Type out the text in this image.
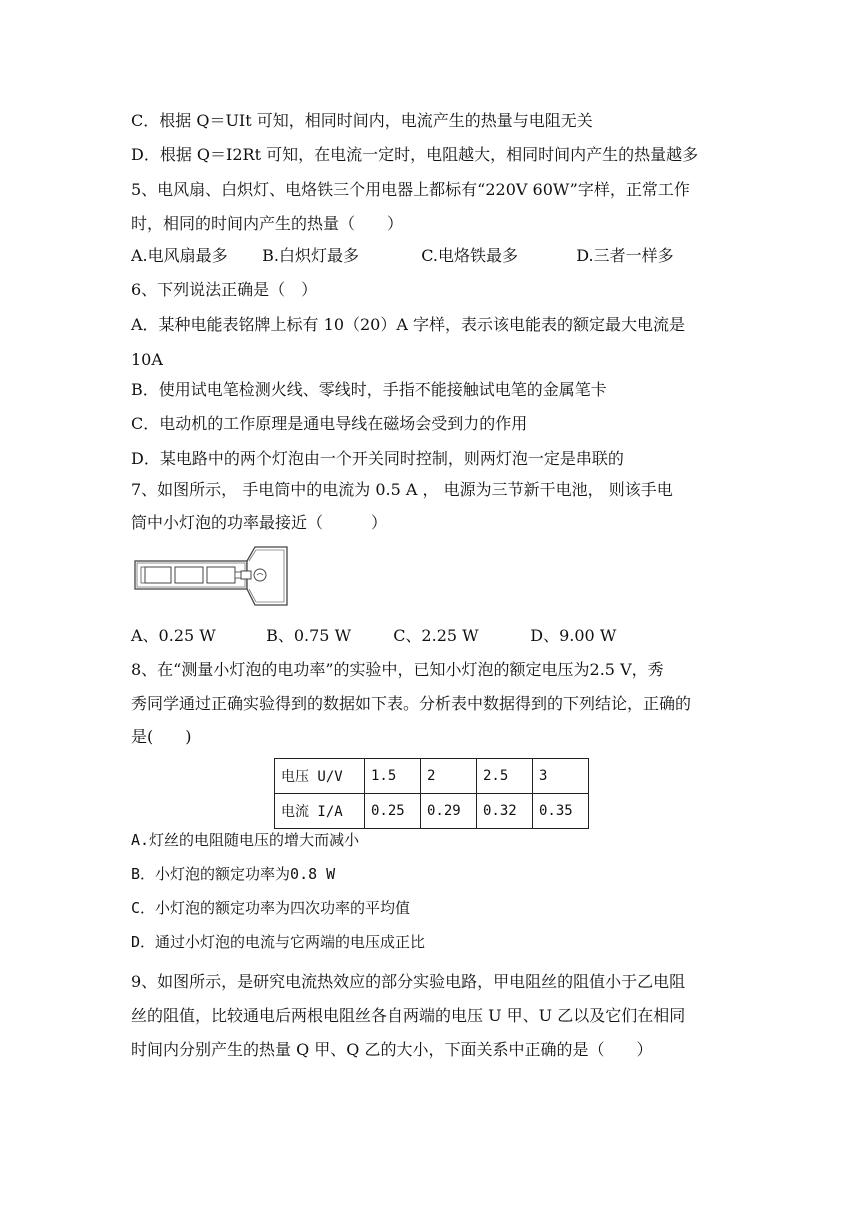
C．根据 Q＝UIt 可知，相同时间内，电流产生的热量与电阻无关
D．根据 Q＝I2Rt 可知，在电流一定时，电阻越大，相同时间内产生的热量越多
5、电风扇、白炽灯、电烙铁三个用电器上都标有“220V 60W”字样，正常工作
时，相同的时间内产生的热量（　　）
A.电风扇最多 B.白炽灯最多	C.电烙铁最多	D.三者一样多
6、下列说法正确是（　）
A．某种电能表铭牌上标有 10（20）A 字样，表示该电能表的额定最大电流是
10A
B．使用试电笔检测火线、零线时，手指不能接触试电笔的金属笔卡
C．电动机的工作原理是通电导线在磁场会受到力的作用
D．某电路中的两个灯泡由一个开关同时控制，则两灯泡一定是串联的
7、如图所示， 手电筒中的电流为 0.5 A ， 电源为三节新干电池， 则该手电
筒中小灯泡的功率最接近（　　　）
A、0.25 W	B、0.75 W	C、2.25 W	D、9.00 W
8、在“测量小灯泡的电功率”的实验中，已知小灯泡的额定电压为2.5 V，秀
秀同学通过正确实验得到的数据如下表。分析表中数据得到的下列结论，正确的
是(　　)
电压 U/V	1.5	2	2.5	3
电流 I/A	0.25	0.29	0.32	0.35
A.灯丝的电阻随电压的增大而减小
B．小灯泡的额定功率为0.8 W
C．小灯泡的额定功率为四次功率的平均值
D．通过小灯泡的电流与它两端的电压成正比
9、如图所示，是研究电流热效应的部分实验电路，甲电阻丝的阻值小于乙电阻
丝的阻值，比较通电后两根电阻丝各自两端的电压 U 甲、U 乙以及它们在相同
时间内分别产生的热量 Q 甲、Q 乙的大小，下面关系中正确的是（　　）
